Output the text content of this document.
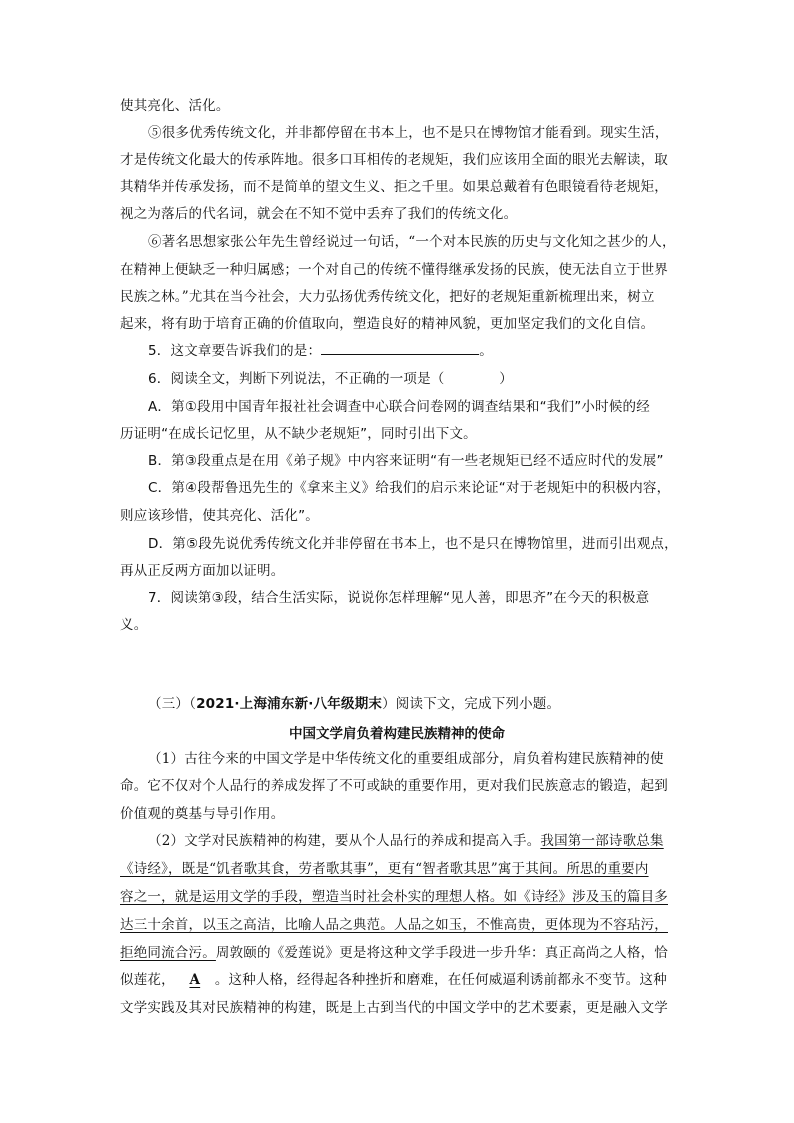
使其亮化、活化。
⑤很多优秀传统文化，并非都停留在书本上，也不是只在博物馆才能看到。现实生活，
才是传统文化最大的传承阵地。很多口耳相传的老规矩，我们应该用全面的眼光去解读，取
其精华并传承发扬，而不是简单的望文生义、拒之千里。如果总戴着有色眼镜看待老规矩，
视之为落后的代名词，就会在不知不觉中丢弃了我们的传统文化。
⑥著名思想家张公年先生曾经说过一句话，“一个对本民族的历史与文化知之甚少的人，
在精神上便缺乏一种归属感；一个对自己的传统不懂得继承发扬的民族，使无法自立于世界
民族之林。”尤其在当今社会，大力弘扬优秀传统文化，把好的老规矩重新梳理出来，树立
起来，将有助于培育正确的价值取向，塑造良好的精神风貌，更加坚定我们的文化自信。
5．这文章要告诉我们的是：	。
6．阅读全文，判断下列说法，不正确的一项是（　　　　）
A．第①段用中国青年报社社会调查中心联合问卷网的调查结果和“我们”小时候的经
历证明“在成长记忆里，从不缺少老规矩”，同时引出下文。
B．第③段重点是在用《弟子规》中内容来证明“有一些老规矩已经不适应时代的发展”
C．第④段帮鲁迅先生的《拿来主义》给我们的启示来论证“对于老规矩中的积极内容，
则应该珍惜，使其亮化、活化”。
D．第⑤段先说优秀传统文化并非停留在书本上，也不是只在博物馆里，进而引出观点，
再从正反两方面加以证明。
7．阅读第③段，结合生活实际，说说你怎样理解“见人善，即思齐”在今天的积极意
义。
（三）（2021·上海浦东新·八年级期末）阅读下文，完成下列小题。
中国文学肩负着构建民族精神的使命
（1）古往今来的中国文学是中华传统文化的重要组成部分，肩负着构建民族精神的使
命。它不仅对个人品行的养成发挥了不可或缺的重要作用，更对我们民族意志的锻造，起到
价值观的奠基与导引作用。
（2）文学对民族精神的构建，要从个人品行的养成和提高入手。我国第一部诗歌总集
《诗经》，既是“饥者歌其食，劳者歌其事”，更有“智者歌其思”寓于其间。所思的重要内
容之一，就是运用文学的手段，塑造当时社会朴实的理想人格。如《诗经》涉及玉的篇目多
达三十余首，以玉之高洁，比喻人品之典范。人品之如玉，不惟高贵，更体现为不容玷污，
拒绝同流合污。周敦颐的《爱莲说》更是将这种文学手段进一步升华：真正高尚之人格，恰
似莲花， A 。这种人格，经得起各种挫折和磨难，在任何威逼利诱前都永不变节。这种
文学实践及其对民族精神的构建，既是上古到当代的中国文学中的艺术要素，更是融入文学
